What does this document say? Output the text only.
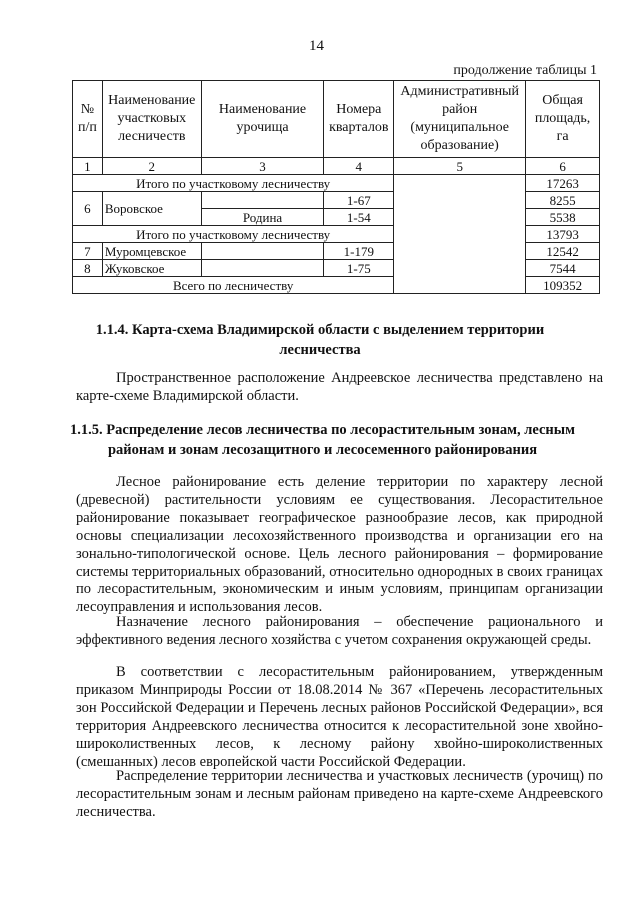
14
продолжение таблицы 1
№ п/п	Наименование участковых лесничеств	Наименование урочища	Номера кварталов	Административный район (муниципальное образование)	Общая площадь, га
1	2	3	4	5	6
Итого по участковому лесничеству					17263
6	Воровское		1-67		8255
		Родина	1-54		5538
Итого по участковому лесничеству					13793
7	Муромцевское		1-179		12542
8	Жуковское		1-75		7544
Всего по лесничеству					109352
1.1.4. Карта-схема Владимирской области с выделением территории лесничества
Пространственное расположение Андреевское лесничества представлено на карте-схеме Владимирской области.
1.1.5. Распределение лесов лесничества по лесорастительным зонам, лесным районам и зонам лесозащитного и лесосеменного районирования
Лесное районирование есть деление территории по характеру лесной (древесной) растительности условиям ее существования. Лесорастительное районирование показывает географическое разнообразие лесов, как природной основы специализации лесохозяйственного производства и организации его на зонально-типологической основе. Цель лесного районирования – формирование системы территориальных образований, относительно однородных в своих границах по лесорастительным, экономическим и иным условиям, принципам организации лесоуправления и использования лесов.
Назначение лесного районирования – обеспечение рационального и эффективного ведения лесного хозяйства с учетом сохранения окружающей среды.
В соответствии с лесорастительным районированием, утвержденным приказом Минприроды России от 18.08.2014 № 367 «Перечень лесорастительных зон Российской Федерации и Перечень лесных районов Российской Федерации», вся территория Андреевского лесничества относится к лесорастительной зоне хвойно-широколиственных лесов, к лесному району хвойно-широколиственных (смешанных) лесов европейской части Российской Федерации.
Распределение территории лесничества и участковых лесничеств (урочищ) по лесорастительным зонам и лесным районам приведено на карте-схеме Андреевского лесничества.
